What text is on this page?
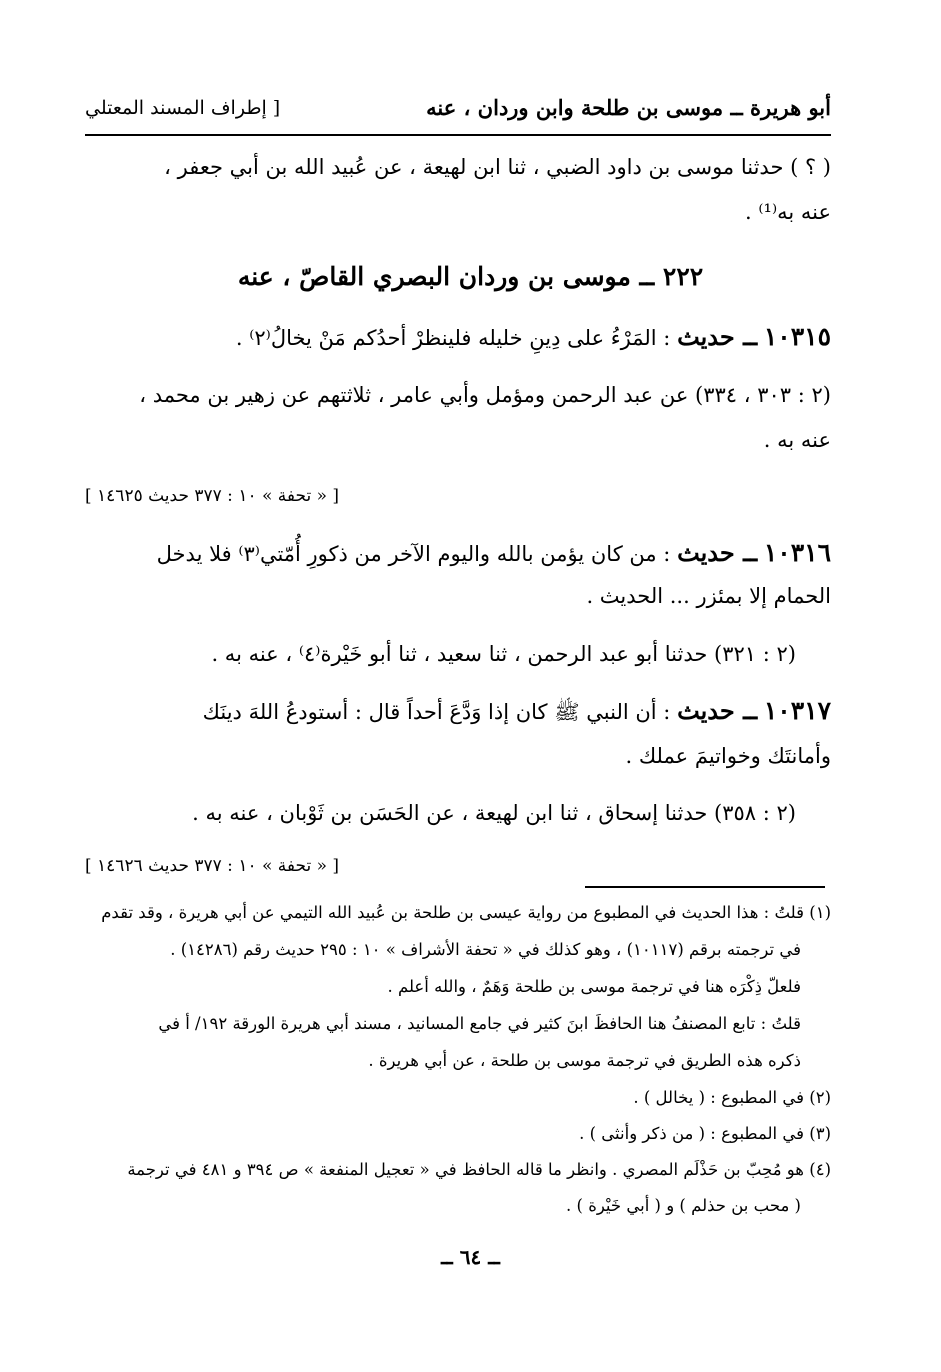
أبو هريرة ــ موسى بن طلحة وابن وردان ، عنه
[ إطراف المسند المعتلي
( ؟ ) حدثنا موسى بن داود الضبي ، ثنا ابن لهيعة ، عن عُبيد الله بن أبي جعفر ،
عنه به⁽¹⁾ .
٢٢٢ ــ موسى بن وردان البصري القاصّ ، عنه
١٠٣١٥ ــ حديث : المَرْءُ على دِينِ خليله فلينظرْ أحدُكم مَنْ يخالُ⁽٢⁾ .
(٢ : ٣٠٣ ، ٣٣٤) عن عبد الرحمن ومؤمل وأبي عامر ، ثلاثتهم عن زهير بن محمد ،
عنه به .
[ « تحفة » ١٠ : ٣٧٧ حديث ١٤٦٢٥ ]
١٠٣١٦ ــ حديث : من كان يؤمن بالله واليوم الآخر من ذكورِ أُمّتي⁽٣⁾ فلا يدخل
الحمام إلا بمئزر ... الحديث .
(٢ : ٣٢١) حدثنا أبو عبد الرحمن ، ثنا سعيد ، ثنا أبو خَيْرة⁽٤⁾ ، عنه به .
١٠٣١٧ ــ حديث : أن النبي ﷺ كان إذا وَدَّعَ أحداً قال : أستودعُ اللهَ دينَك
وأمانتَك وخواتيمَ عملك .
(٢ : ٣٥٨) حدثنا إسحاق ، ثنا ابن لهيعة ، عن الحَسَن بن ثَوْبان ، عنه به .
[ « تحفة » ١٠ : ٣٧٧ حديث ١٤٦٢٦ ]
(١) قلتُ : هذا الحديث في المطبوع من رواية عيسى بن طلحة بن عُبيد الله التيمي عن أبي هريرة ، وقد تقدم
في ترجمته برقم (١٠١١٧) ، وهو كذلك في « تحفة الأشراف » ١٠ : ٢٩٥ حديث رقم (١٤٢٨٦) .
فلعلّ ذِكْرَه هنا في ترجمة موسى بن طلحة وَهَمٌ ، والله أعلم .
قلتُ : تابع المصنفُ هنا الحافظَ ابنَ كثير في جامع المسانيد ، مسند أبي هريرة الورقة ١٩٢/ أ في
ذكره هذه الطريق في ترجمة موسى بن طلحة ، عن أبي هريرة .
(٢) في المطبوع : ( يخالل ) .
(٣) في المطبوع : ( من ذكر وأنثى ) .
(٤) هو مُحِبّ بن حَذْلَم المصري . وانظر ما قاله الحافظ في « تعجيل المنفعة » ص ٣٩٤ و ٤٨١ في ترجمة
( محب بن حذلم ) و ( أبي خَيْرة ) .
ــ ٦٤ ــ
